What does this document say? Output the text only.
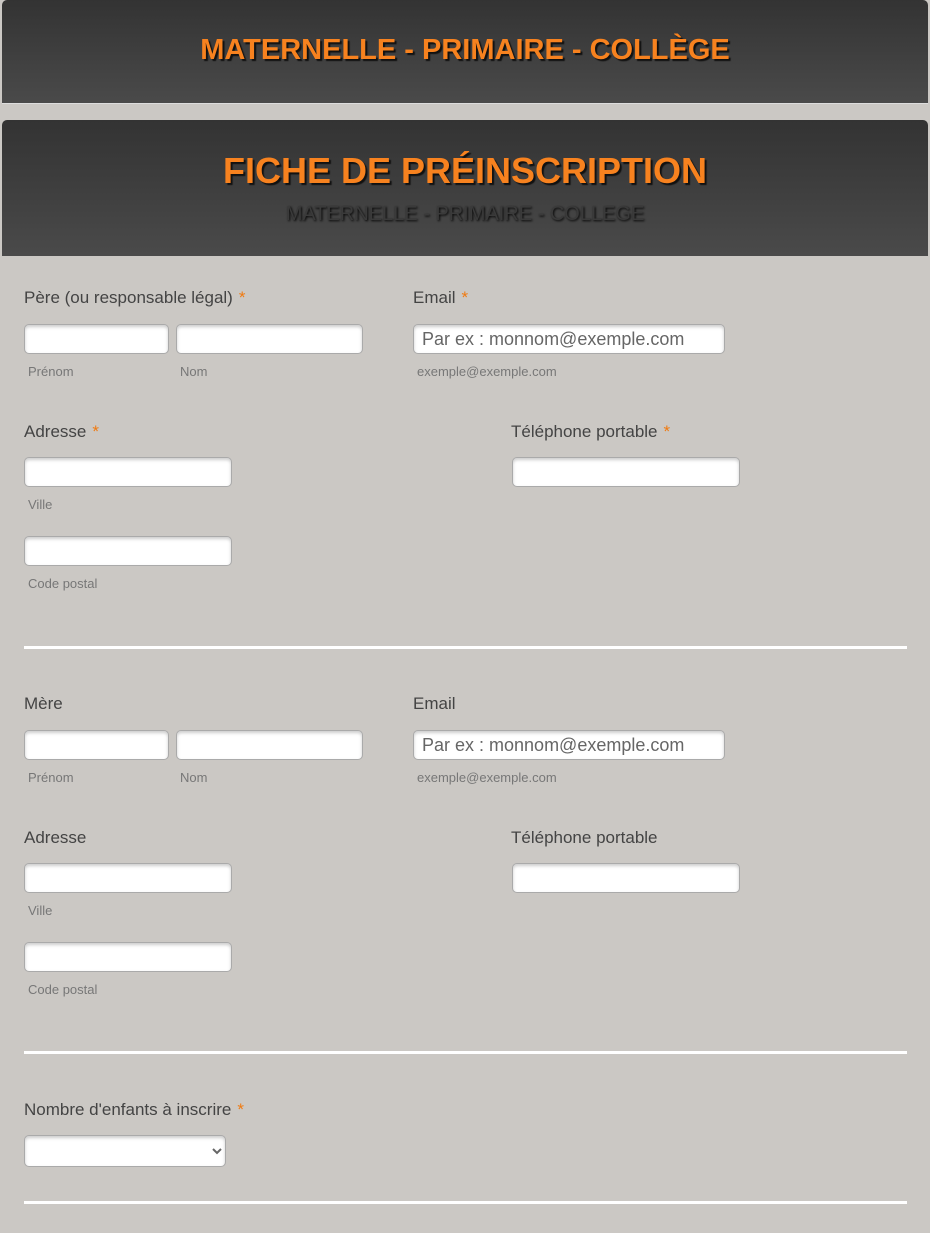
MATERNELLE - PRIMAIRE - COLLÈGE
FICHE DE PRÉINSCRIPTION
MATERNELLE - PRIMAIRE - COLLEGE
Père (ou responsable légal) *
Prénom	Nom
Email *
Par ex : monnom@exemple.com
exemple@exemple.com
Adresse *
Ville
Code postal
Téléphone portable *
Mère
Prénom	Nom
Email
Par ex : monnom@exemple.com
exemple@exemple.com
Adresse
Ville
Code postal
Téléphone portable
Nombre d'enfants à inscrire *
